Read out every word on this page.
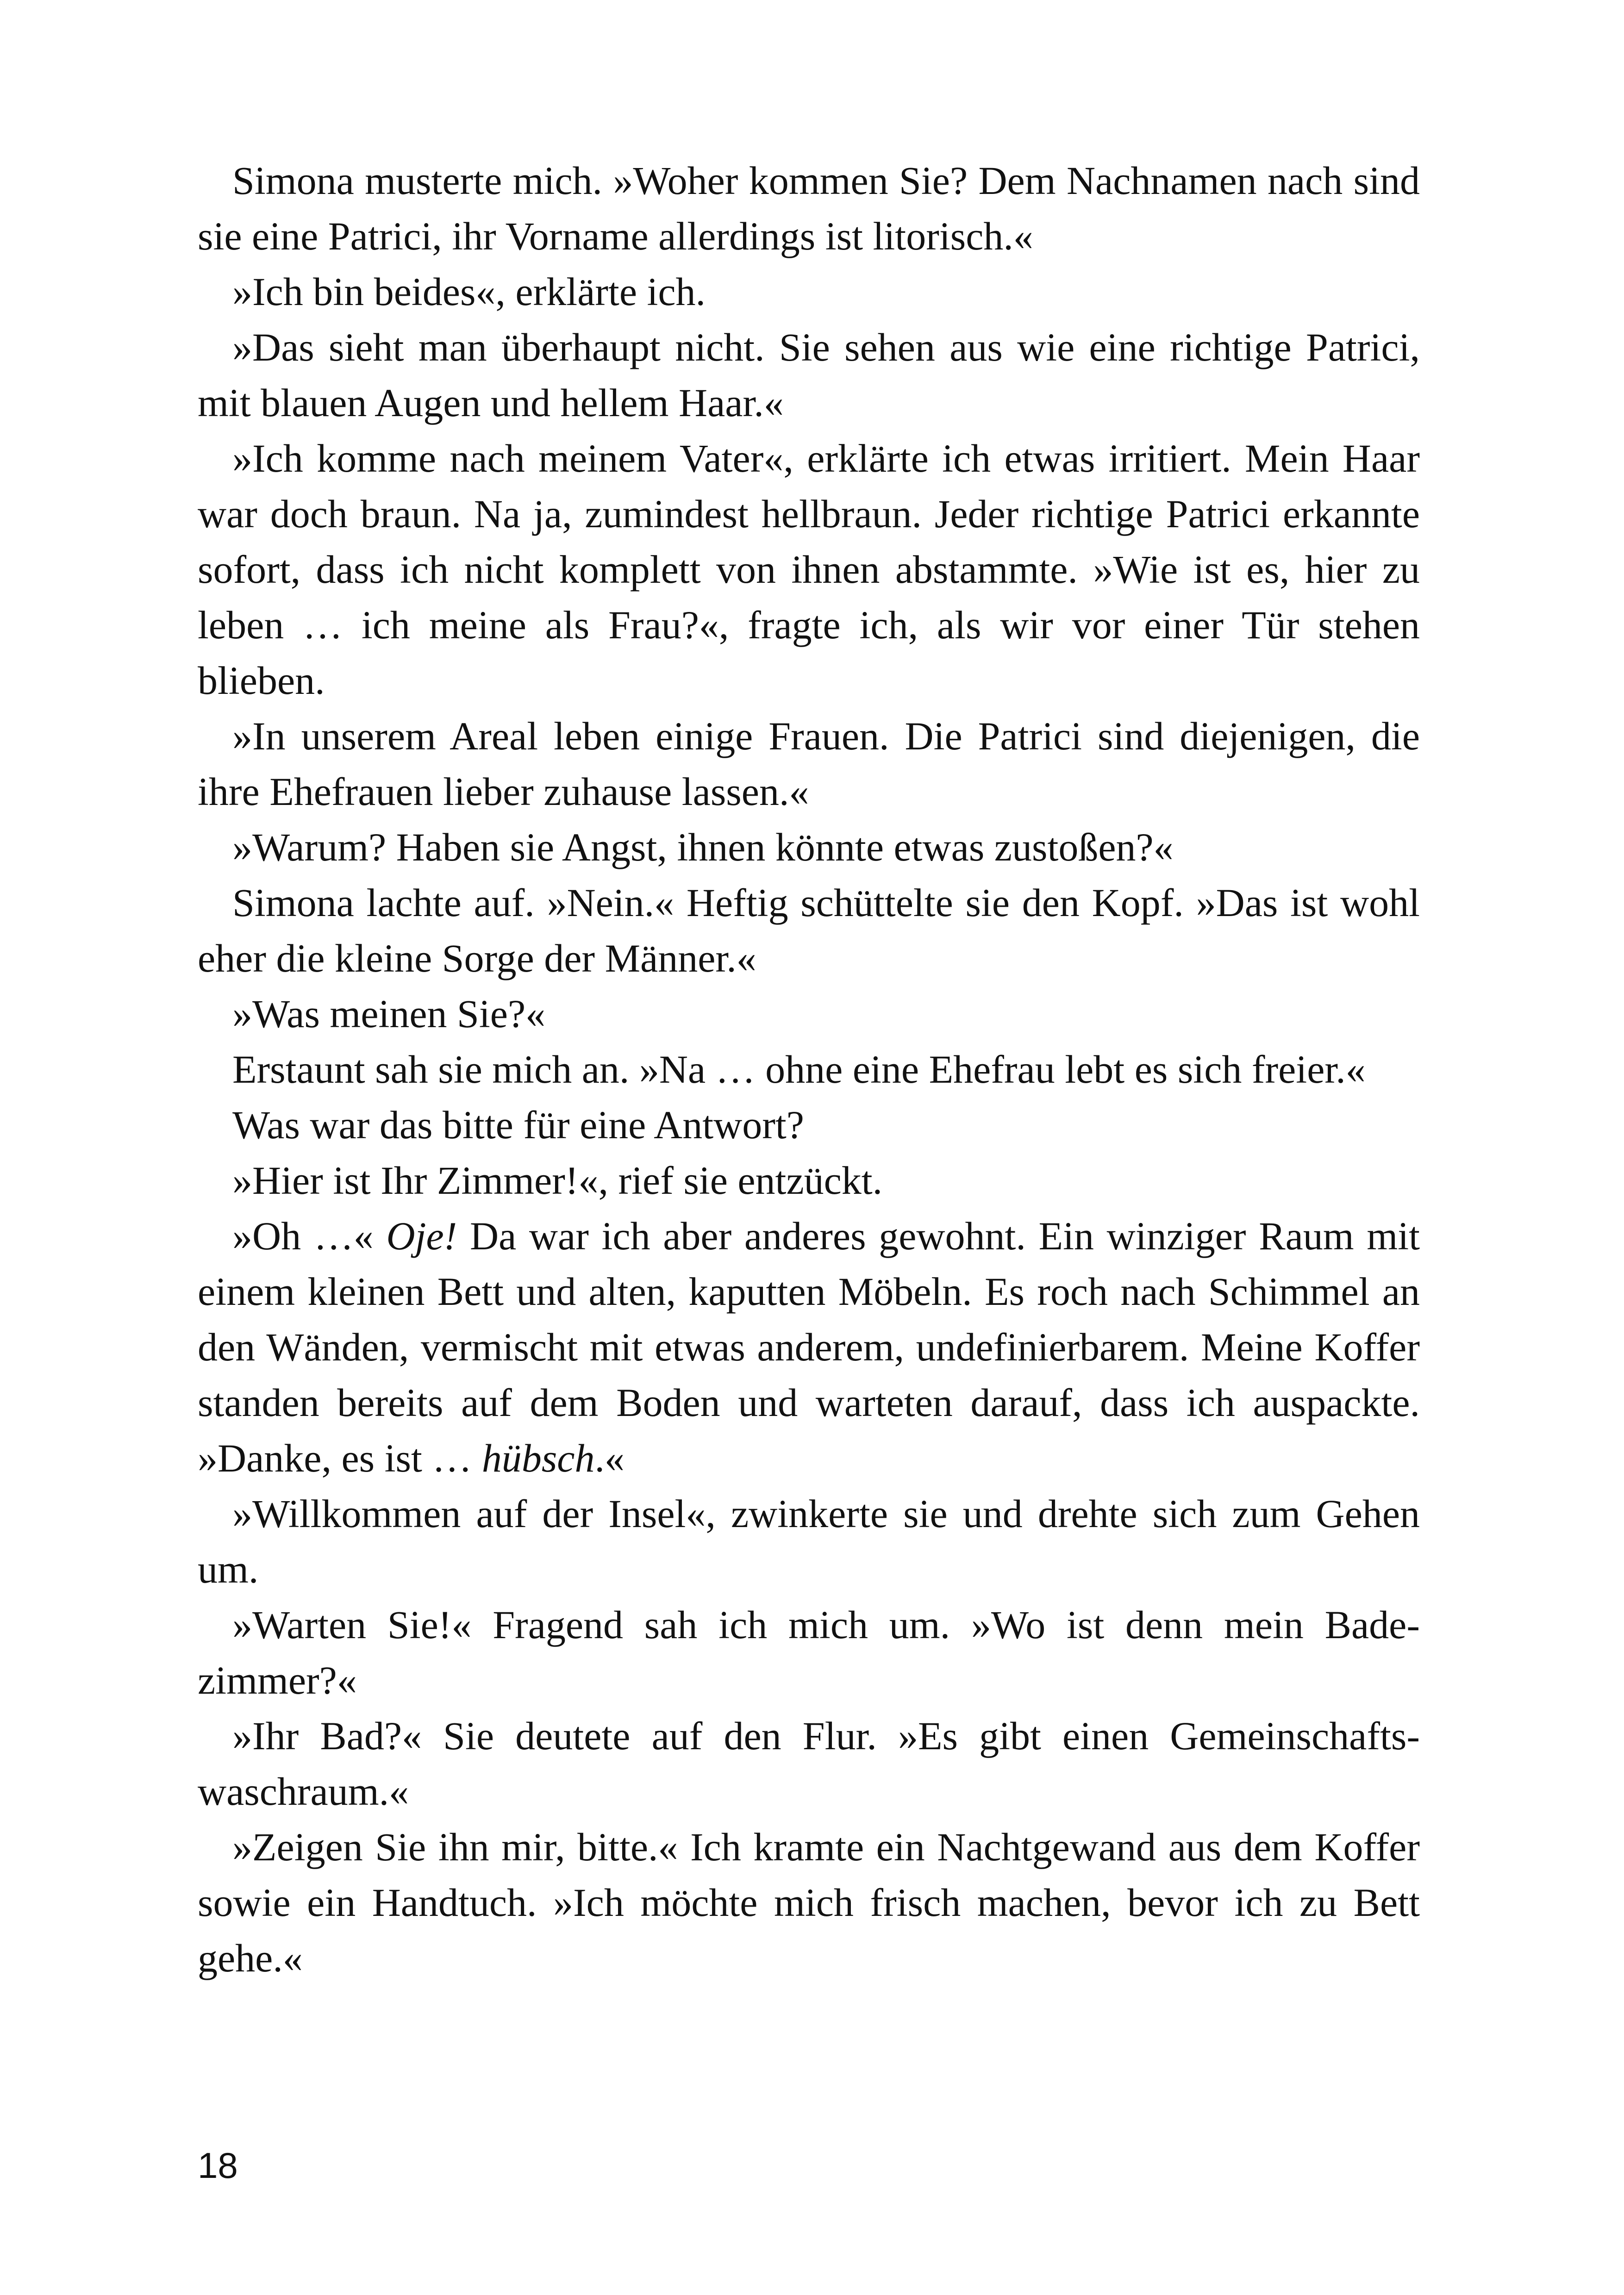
Simona musterte mich. »Woher kommen Sie? Dem Nachnamen nach sind sie eine Patrici, ihr Vorname allerdings ist litorisch.«

»Ich bin beides«, erklärte ich.

»Das sieht man überhaupt nicht. Sie sehen aus wie eine richtige Patrici, mit blauen Augen und hellem Haar.«

»Ich komme nach meinem Vater«, erklärte ich etwas irritiert. Mein Haar war doch braun. Na ja, zumindest hellbraun. Jeder richtige Patrici erkannte sofort, dass ich nicht komplett von ihnen abstammte. »Wie ist es, hier zu leben … ich meine als Frau?«, fragte ich, als wir vor einer Tür stehen blieben.

»In unserem Areal leben einige Frauen. Die Patrici sind diejenigen, die ihre Ehefrauen lieber zuhause lassen.«

»Warum? Haben sie Angst, ihnen könnte etwas zustoßen?«

Simona lachte auf. »Nein.« Heftig schüttelte sie den Kopf. »Das ist wohl eher die kleine Sorge der Männer.«

»Was meinen Sie?«

Erstaunt sah sie mich an. »Na … ohne eine Ehefrau lebt es sich freier.«

Was war das bitte für eine Antwort?

»Hier ist Ihr Zimmer!«, rief sie entzückt.

»Oh …« Oje! Da war ich aber anderes gewohnt. Ein winziger Raum mit einem kleinen Bett und alten, kaputten Möbeln. Es roch nach Schimmel an den Wänden, vermischt mit etwas anderem, undefinierbarem. Meine Koffer standen bereits auf dem Boden und warteten darauf, dass ich auspackte. »Danke, es ist … hübsch.«

»Willkommen auf der Insel«, zwinkerte sie und drehte sich zum Gehen um.

»Warten Sie!« Fragend sah ich mich um. »Wo ist denn mein Badezimmer?«

»Ihr Bad?« Sie deutete auf den Flur. »Es gibt einen Gemeinschaftswaschraum.«

»Zeigen Sie ihn mir, bitte.« Ich kramte ein Nachtgewand aus dem Koffer sowie ein Handtuch. »Ich möchte mich frisch machen, bevor ich zu Bett gehe.«

18
